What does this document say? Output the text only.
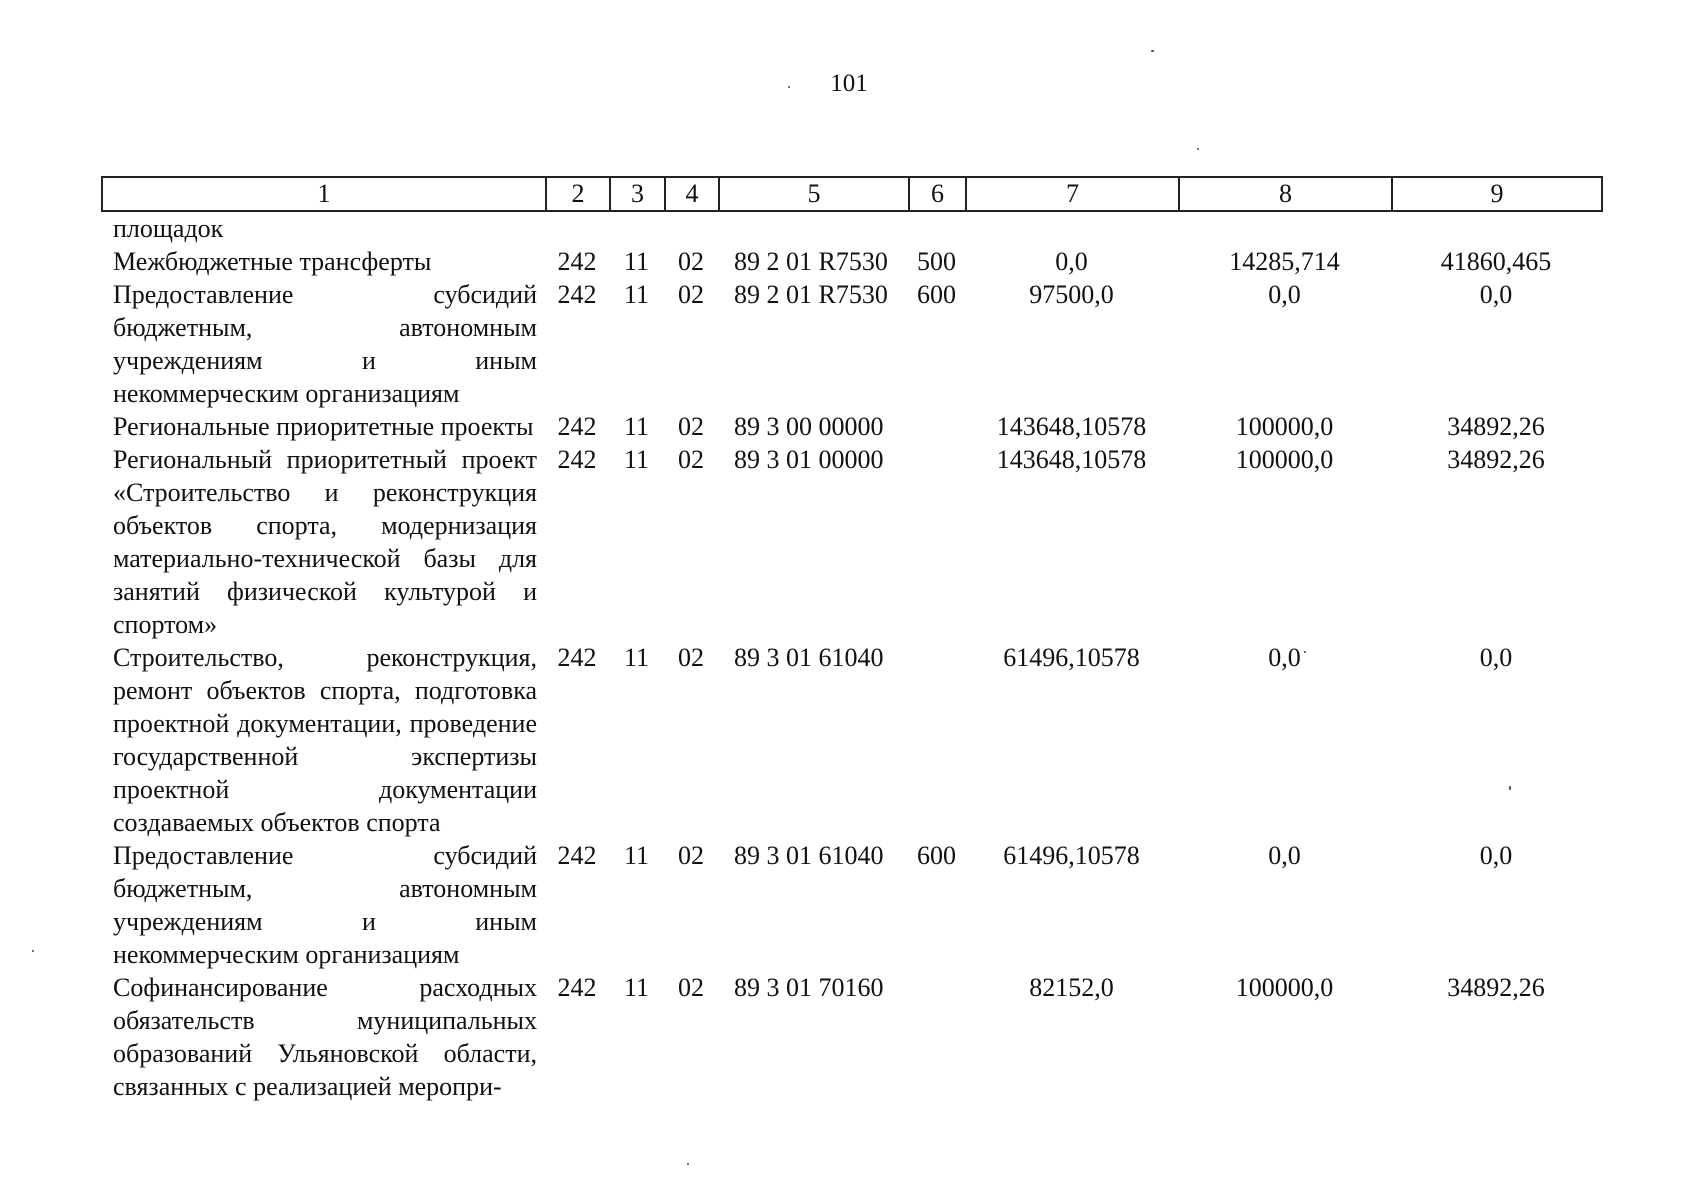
101
1	2	3	4	5	6	7	8	9
площадок								
Межбюджетные трансферты	242	11	02	89 2 01 R7530	500	0,0	14285,714	41860,465
Предоставление субсидий бюджетным, автономным учреждениям и иным некоммерческим организациям	242	11	02	89 2 01 R7530	600	97500,0	0,0	0,0
Региональные приоритетные проекты	242	11	02	89 3 00 00000		143648,10578	100000,0	34892,26
Региональный приоритетный проект «Строительство и реконструкция объектов спорта, модернизация материально-технической базы для занятий физической культурой и спортом»	242	11	02	89 3 01 00000		143648,10578	100000,0	34892,26
Строительство, реконструкция, ремонт объектов спорта, подготовка проектной документации, проведение государственной экспертизы проектной документации создаваемых объектов спорта	242	11	02	89 3 01 61040		61496,10578	0,0	0,0
Предоставление субсидий бюджетным, автономным учреждениям и иным некоммерческим организациям	242	11	02	89 3 01 61040	600	61496,10578	0,0	0,0
Софинансирование расходных обязательств муниципальных образований Ульяновской области, связанных с реализацией меропри-	242	11	02	89 3 01 70160		82152,0	100000,0	34892,26
